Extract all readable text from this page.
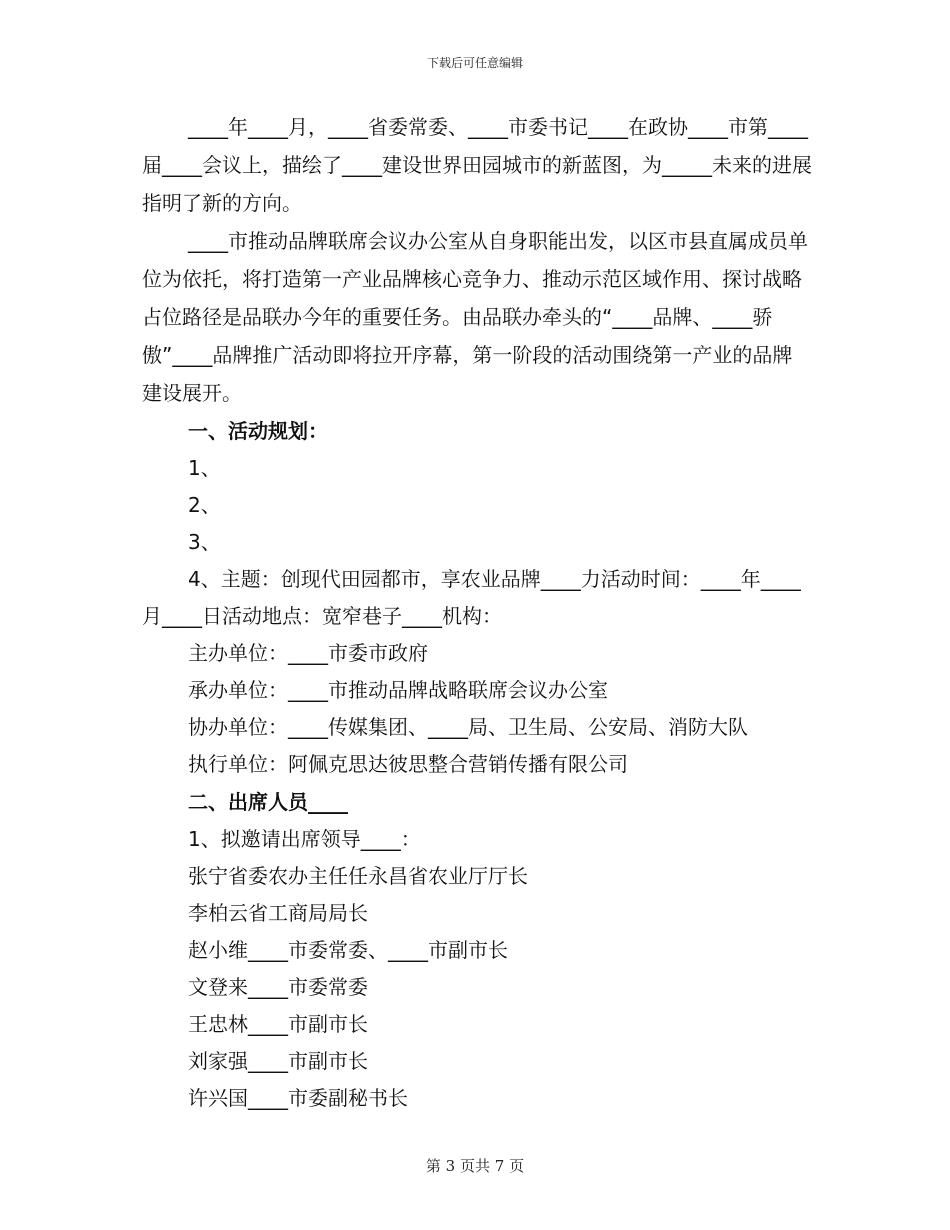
下载后可任意编辑

____年____月，____省委常委、____市委书记____在政协____市第____届____会议上，描绘了____建设世界田园城市的新蓝图，为_____未来的进展指明了新的方向。

____市推动品牌联席会议办公室从自身职能出发，以区市县直属成员单位为依托，将打造第一产业品牌核心竞争力、推动示范区域作用、探讨战略占位路径是品联办今年的重要任务。由品联办牵头的“____品牌、____骄傲”____品牌推广活动即将拉开序幕，第一阶段的活动围绕第一产业的品牌建设展开。

一、活动规划：

1、

2、

3、

4、主题：创现代田园都市，享农业品牌____力活动时间：____年____月____日活动地点：宽窄巷子____机构：

主办单位：____市委市政府

承办单位：____市推动品牌战略联席会议办公室

协办单位：____传媒集团、____局、卫生局、公安局、消防大队

执行单位：阿佩克思达彼思整合营销传播有限公司

二、出席人员____

1、拟邀请出席领导____：

张宁省委农办主任任永昌省农业厅厅长

李柏云省工商局局长

赵小维____市委常委、____市副市长

文登来____市委常委

王忠林____市副市长

刘家强____市副市长

许兴国____市委副秘书长

第 3 页共 7 页
